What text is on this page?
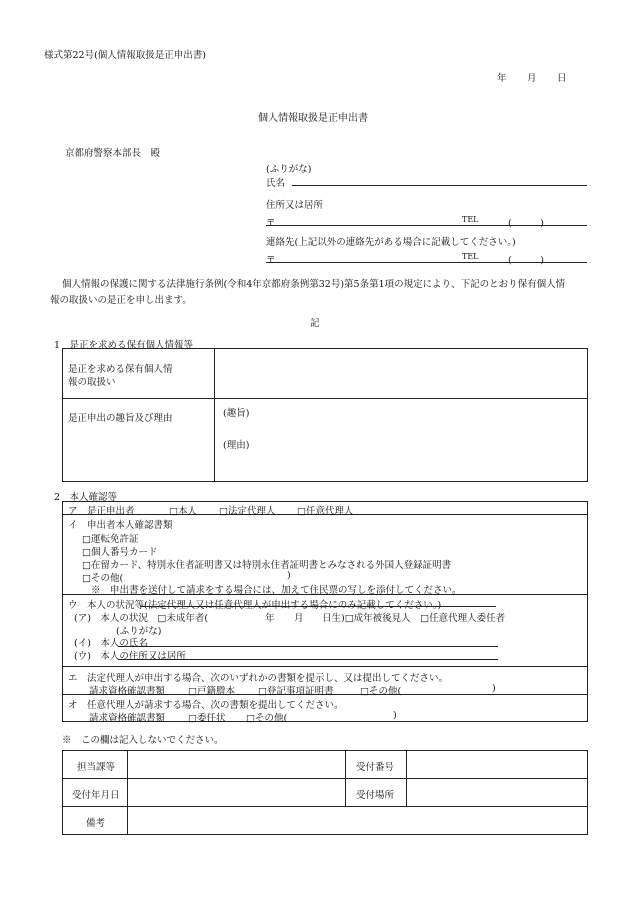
様式第22号(個人情報取扱是正申出書)
年 月 日
個人情報取扱是正申出書
京都府警察本部長　殿
(ふりがな)
氏名
住所又は居所
〒	TEL	(　　　)
連絡先(上記以外の連絡先がある場合に記載してください。)
〒	TEL	(　　　)
個人情報の保護に関する法律施行条例(令和4年京都府条例第32号)第5条第1項の規定により、下記のとおり保有個人情
報の取扱いの是正を申し出ます。
記
1　是正を求める保有個人情報等
是正を求める保有個人情
報の取扱い
是正申出の趣旨及び理由	(趣旨)
(理由)
2　本人確認等
ア　是正申出者	□本人 □法定代理人 □任意代理人
イ　申出者本人確認書類
□運転免許証
□個人番号カード
□在留カード、特別永住者証明書又は特別永住者証明書とみなされる外国人登録証明書
□その他(	)
※　申出書を送付して請求をする場合には、加えて住民票の写しを添付してください。
ウ　本人の状況等(法定代理人又は任意代理人が申出する場合にのみ記載してください。)
(ア)　本人の状況　□未成年者(	年 月 日生)□成年被後見人　□任意代理人委任者
(ふりがな)
(イ)　本人の氏名
(ウ)　本人の住所又は居所
エ　法定代理人が申出する場合、次のいずれかの書類を提示し、又は提出してください。
請求資格確認書類 □戸籍謄本 □登記事項証明書	□その他(	)
オ　任意代理人が請求する場合、次の書類を提出してください。
請求資格確認書類 □委任状 □その他(	)
※　この欄は記入しないでください。
担当課等	受付番号
受付年月日	受付場所
備考
